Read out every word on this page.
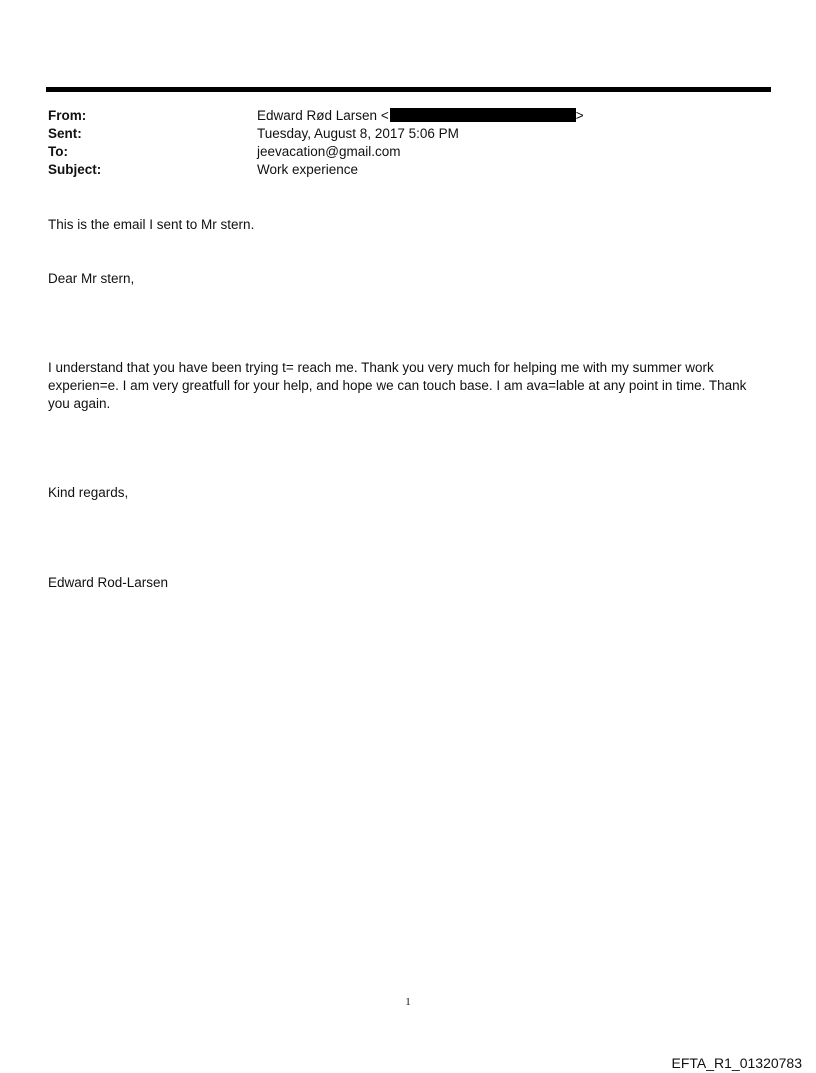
From:	Edward Rød Larsen <	>
Sent:	Tuesday, August 8, 2017 5:06 PM
To:	jeevacation@gmail.com
Subject:	Work experience
This is the email I sent to Mr stern.
Dear Mr stern,
I understand that you have been trying t= reach me. Thank you very much for helping me with my summer work
experien=e. I am very greatfull for your help, and hope we can touch base. I am ava=lable at any point in time. Thank
you again.
Kind regards,
Edward Rod-Larsen
1
EFTA_R1_01320783
